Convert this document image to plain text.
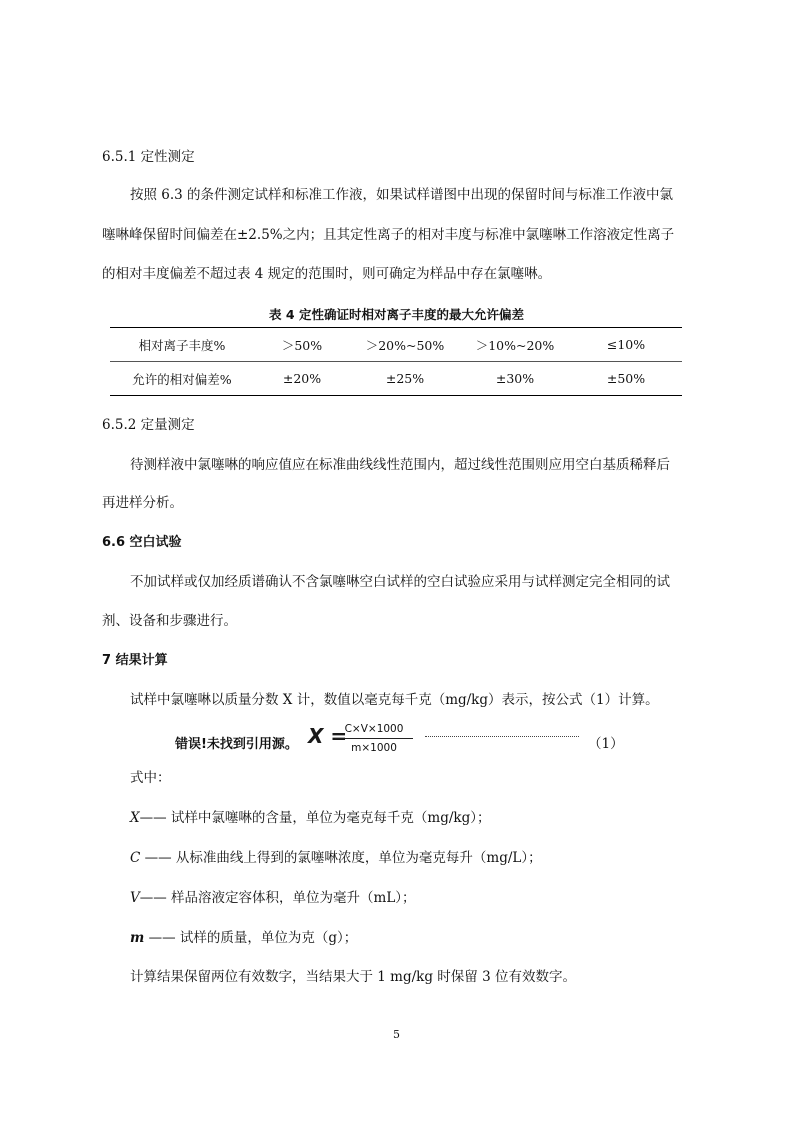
6.5.1 定性测定
按照 6.3 的条件测定试样和标准工作液，如果试样谱图中出现的保留时间与标准工作液中氯
噻啉峰保留时间偏差在±2.5%之内；且其定性离子的相对丰度与标准中氯噻啉工作溶液定性离子
的相对丰度偏差不超过表 4 规定的范围时，则可确定为样品中存在氯噻啉。
表 4 定性确证时相对离子丰度的最大允许偏差
相对离子丰度%	＞50%	＞20%~50%	＞10%~20%	≤10%
允许的相对偏差%	±20%	±25%	±30%	±50%
6.5.2 定量测定
待测样液中氯噻啉的响应值应在标准曲线线性范围内，超过线性范围则应用空白基质稀释后
再进样分析。
6.6 空白试验
不加试样或仅加经质谱确认不含氯噻啉空白试样的空白试验应采用与试样测定完全相同的试
剂、设备和步骤进行。
7 结果计算
试样中氯噻啉以质量分数 X 计，数值以毫克每千克（mg/kg）表示，按公式（1）计算。
错误!未找到引用源。 X =
C×V×1000
m×1000	（1）
式中：
X—— 试样中氯噻啉的含量，单位为毫克每千克（mg/kg）；
C —— 从标准曲线上得到的氯噻啉浓度，单位为毫克每升（mg/L）；
V—— 样品溶液定容体积，单位为毫升（mL）；
m —— 试样的质量，单位为克（g）；
计算结果保留两位有效数字，当结果大于 1 mg/kg 时保留 3 位有效数字。
5
